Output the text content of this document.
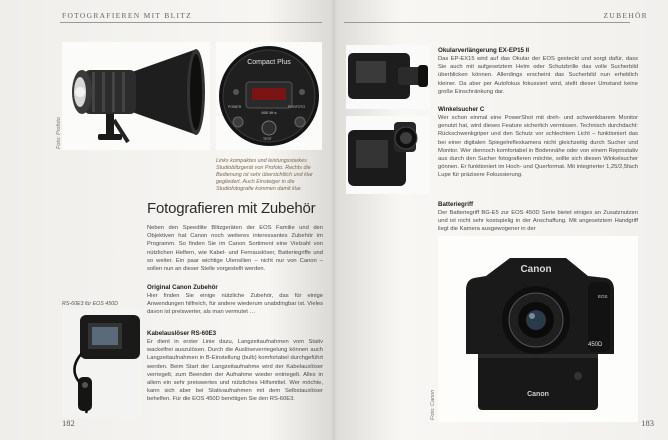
FOTOGRAFIEREN MIT BLITZ
Compact Plus
600 W·s
POWER	PROFOTO
TEST
Foto: Profoto
Links kompaktes und leistungsstarkes Studioblitzgerät von Profoto. Rechts die Bedienung ist sehr übersichtlich und klar gegliedert. Auch Einsteiger in die Studiofotografie kommen damit klar.
Fotografieren mit Zubehör
Neben den Speedlite Blitzgeräten der EOS Familie und den Objektiven hat Canon noch weiteres interessantes Zubehör im Programm. So finden Sie im Canon Sortiment eine Vielzahl von nützlichen Helfern, wie Kabel- und Fernauslöser, Batteriegriffe und so weiter. Ein paar wichtige Utensilien – nicht nur von Canon – sollen nun an dieser Stelle vorgestellt werden.
Original Canon Zubehör
Hier finden Sie einige nützliche Zubehör, das für einige Anwendungen hilfreich, für andere wiederum unabdingbar ist. Vieles davon ist preiswerter, als man vermutet …
RS-60E3 für EOS 450D
Kabelauslöser RS-60E3
Er dient in erster Linie dazu, Langzeitaufnahmen vom Stativ wackelfrei auszulösen. Durch die Auslöseverriegelung können auch Langzeitaufnahmen in B-Einstellung (bulb) komfortabel durchgeführt werden. Beim Start der Langzeitaufnahme wird der Kabelauslöser verriegelt, zum Beenden der Aufnahme wieder entriegelt. Alles in allem ein sehr preiswertes und nützliches Hilfsmittel. Wer möchte, kann sich aber bei Stativaufnahmen mit dem Selbstauslöser behelfen. Für die EOS 450D benötigen Sie den RS-60E3.
182
ZUBEHÖR
Okularverlängerung EX-EP15 II
Das EP-EX15 wird auf das Okular der EOS gesteckt und sorgt dafür, dass Sie auch mit aufgesetztem Helm oder Schutzbrille das volle Sucherbild überblicken können. Allerdings erscheint das Sucherbild nun erheblich kleiner. Da aber per Autofokus fokussiert wird, stellt dieser Umstand keine große Einschränkung dar.
Winkelsucher C
Wer schon einmal eine PowerShot mit dreh- und schwenkbarem Monitor genutzt hat, wird dieses Feature sicherlich vermissen. Technisch durchdacht: Rückschwenkgriper und den Schutz vor schlechtem Licht – funktioniert das bei einer digitalen Spiegelreflexkamera nicht gleichzeitig durch Sucher und Monitor. Wer dennoch komfortabel in Bodennähe oder von einem Reprostativ aus durch den Sucher fotografieren möchte, sollte sich diesen Winkelsucher gönnen. Er funktioniert im Hoch- und Querformat. Mit integrierter 1,25/2,5fach Lupe für präzisere Fokussierung.
Batteriegriff
Der Batteriegriff BG-E5 zur EOS 450D Serie bietet einiges an Zusatznutzen und ist nicht sehr kostspielig in der Anschaffung. Mit angesetztem Handgriff liegt die Kamera ausgewogener in der
Canon
EOS
450D
Canon
Foto: Canon
183
